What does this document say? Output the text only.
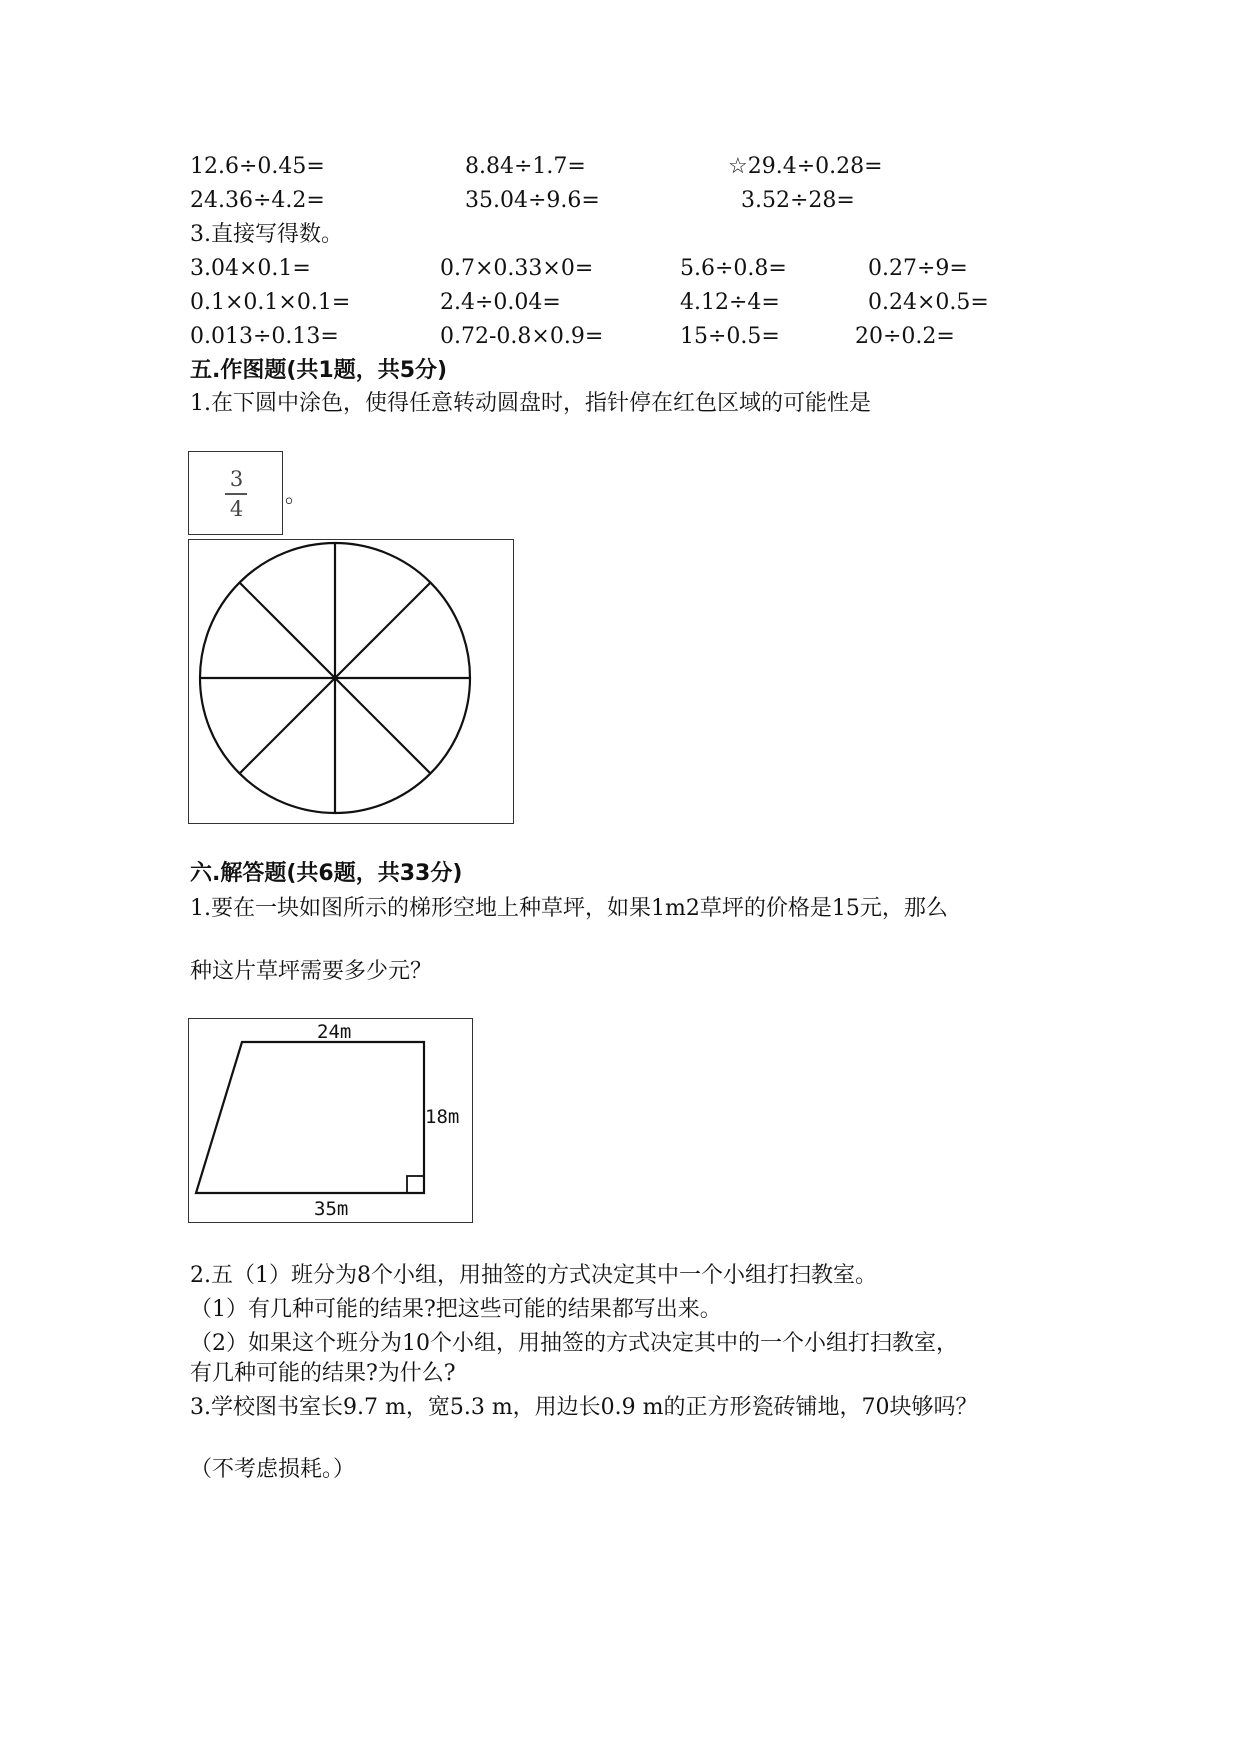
12.6÷0.45=	8.84÷1.7=	☆29.4÷0.28=
24.36÷4.2=	35.04÷9.6=	3.52÷28=
3.直接写得数。
3.04×0.1=	0.7×0.33×0=	5.6÷0.8=	0.27÷9=
0.1×0.1×0.1=	2.4÷0.04=	4.12÷4=	0.24×0.5=
0.013÷0.13=	0.72-0.8×0.9=	15÷0.5=	20÷0.2=
五.作图题(共1题，共5分)
1.在下圆中涂色，使得任意转动圆盘时，指针停在红色区域的可能性是
3
4
。
六.解答题(共6题，共33分)
1.要在一块如图所示的梯形空地上种草坪，如果1m2草坪的价格是15元，那么
种这片草坪需要多少元？
24m
18m
35m
2.五（1）班分为8个小组，用抽签的方式决定其中一个小组打扫教室。
（1）有几种可能的结果?把这些可能的结果都写出来。
（2）如果这个班分为10个小组，用抽签的方式决定其中的一个小组打扫教室，
有几种可能的结果?为什么?
3.学校图书室长9.7 m，宽5.3 m，用边长0.9 m的正方形瓷砖铺地，70块够吗？
（不考虑损耗。）
